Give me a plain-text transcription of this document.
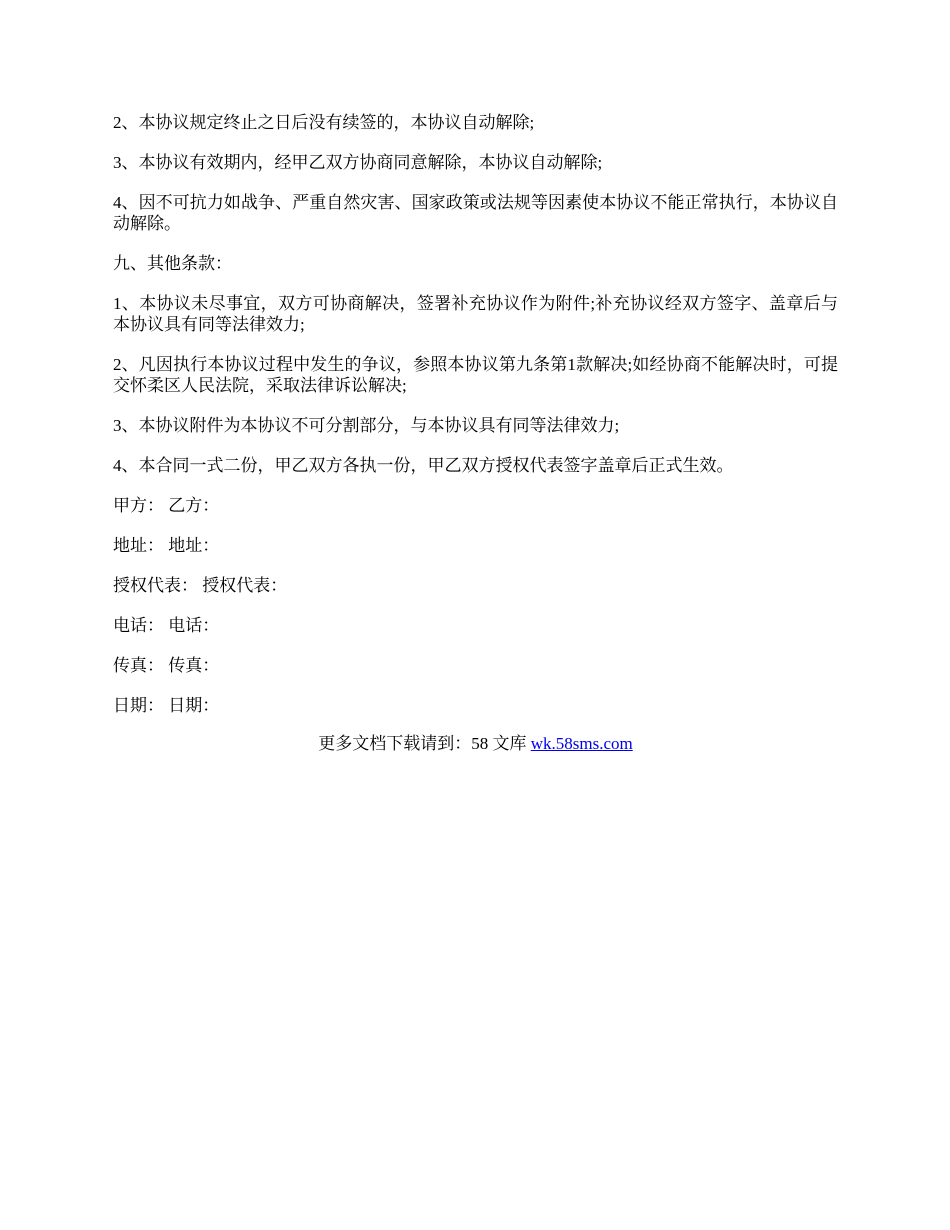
2、本协议规定终止之日后没有续签的，本协议自动解除;

3、本协议有效期内，经甲乙双方协商同意解除，本协议自动解除;

4、因不可抗力如战争、严重自然灾害、国家政策或法规等因素使本协议不能正常执行，本协议自动解除。

九、其他条款：

1、本协议未尽事宜，双方可协商解决，签署补充协议作为附件;补充协议经双方签字、盖章后与本协议具有同等法律效力;

2、凡因执行本协议过程中发生的争议，参照本协议第九条第1款解决;如经协商不能解决时，可提交怀柔区人民法院，采取法律诉讼解决;

3、本协议附件为本协议不可分割部分，与本协议具有同等法律效力;

4、本合同一式二份，甲乙双方各执一份，甲乙双方授权代表签字盖章后正式生效。

甲方： 乙方：

地址： 地址：

授权代表： 授权代表：

电话： 电话：

传真： 传真：

日期： 日期：

更多文档下载请到：58 文库 wk.58sms.com
